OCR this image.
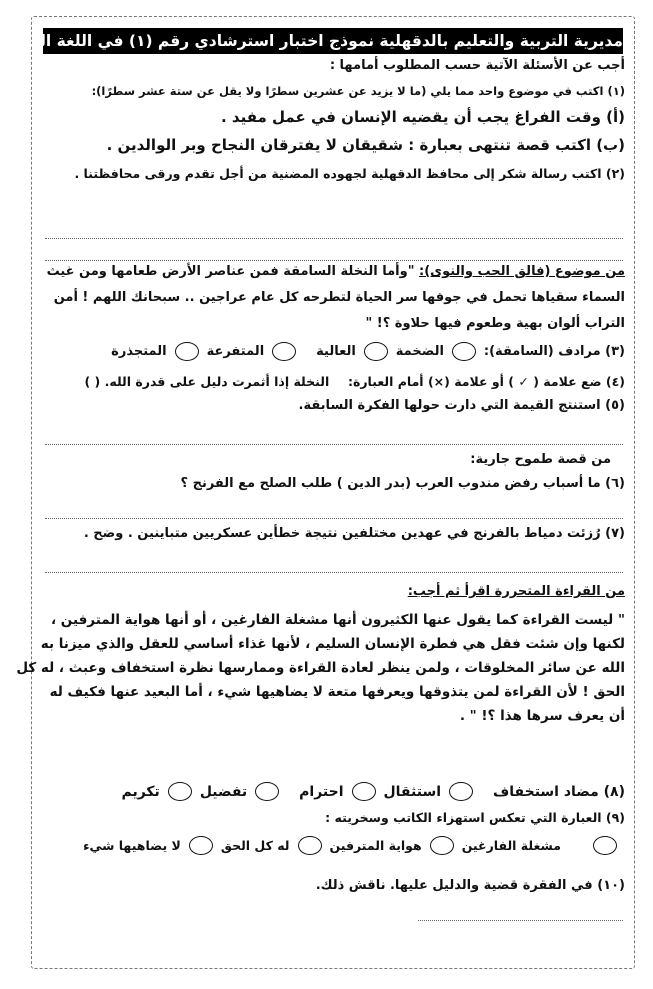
مديرية التربية والتعليم بالدقهلية نموذج اختبار استرشادي رقم (١) في اللغة العربية
أجب عن الأسئلة الآتية حسب المطلوب أمامها :
(١) اكتب في موضوع واحد مما يلي (ما لا يزيد عن عشرين سطرًا ولا يقل عن ستة عشر سطرًا):
(أ) وقت الفراغ يجب أن يقضيه الإنسان في عمل مفيد .
(ب) اكتب قصة تنتهى بعبارة : شقيقان لا يفترقان النجاح وبر الوالدين .
(٢) اكتب رسالة شكر إلى محافظ الدقهلية لجهوده المضنية من أجل تقدم ورقى محافظتنا .
من موضوع (فالق الحب والنوى): "وأما النخلة السامقة فمن عناصر الأرض طعامها ومن غيث
السماء سقياها تحمل في جوفها سر الحياة لتطرحه كل عام عراجين .. سبحانك اللهم ! أمن
التراب ألوان بهية وطعوم فيها حلاوة ؟! "
(٣) مرادف (السامقة):
الضخمة
العالية
المتفرعة
المتجذرة
(٤) ضع علامة ( ✓ ) أو علامة (×) أمام العبارة:  النخلة إذا أثمرت دليل على قدرة الله. ( )
(٥) استنتج القيمة التي دارت حولها الفكرة السابقة.
من قصة طموح جارية:
(٦) ما أسباب رفض مندوب العرب (بدر الدين ) طلب الصلح مع الفرنج ؟
(٧) رُزئت دمياط بالفرنج في عهدين مختلفين نتيجة خطأين عسكريين متباينين . وضح .
من القراءة المتحررة اقرأ ثم أجب:
" ليست القراءة كما يقول عنها الكثيرون أنها مشغلة الفارغين ، أو أنها هواية المترفين ،
لكنها وإن شئت فقل هي فطرة الإنسان السليم ، لأنها غذاء أساسي للعقل والذي ميزنا به
الله عن سائر المخلوقات ، ولمن ينظر لعادة القراءة وممارسها نظرة استخفاف وعبث ، له كل
الحق ! لأن القراءة لمن يتذوقها ويعرفها متعة لا يضاهيها شيء ، أما البعيد عنها فكيف له
أن يعرف سرها هذا ؟! " .
(٨) مضاد استخفاف
استثقال
احترام
تفضيل
تكريم
(٩) العبارة التي تعكس استهزاء الكاتب وسخريته :
مشغلة الفارغين
هواية المترفين
له كل الحق
لا يضاهيها شيء
(١٠) في الفقرة قضية والدليل عليها. ناقش ذلك.
